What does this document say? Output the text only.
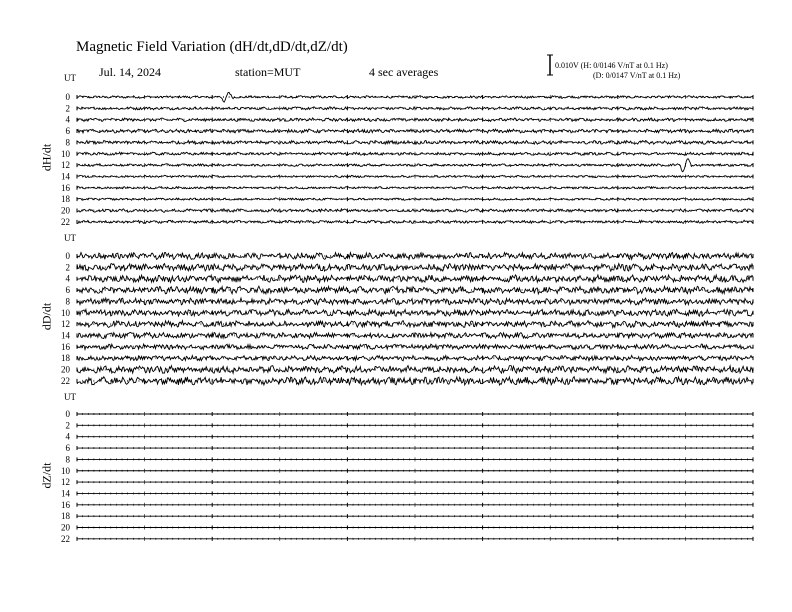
Magnetic Field Variation (dH/dt,dD/dt,dZ/dt)
Jul. 14, 2024	station=MUT	4 sec averages	0.010V (H: 0/0146 V/nT at 0.1 Hz)
(D: 0/0147 V/nT at 0.1 Hz)
UT
UT
UT
dH/dt
dD/dt
dZ/dt
0
2
4
6
8
10
12
14
16
18
20
22
0
2
4
6
8
10
12
14
16
18
20
22
0
2
4
6
8
10
12
14
16
18
20
22
